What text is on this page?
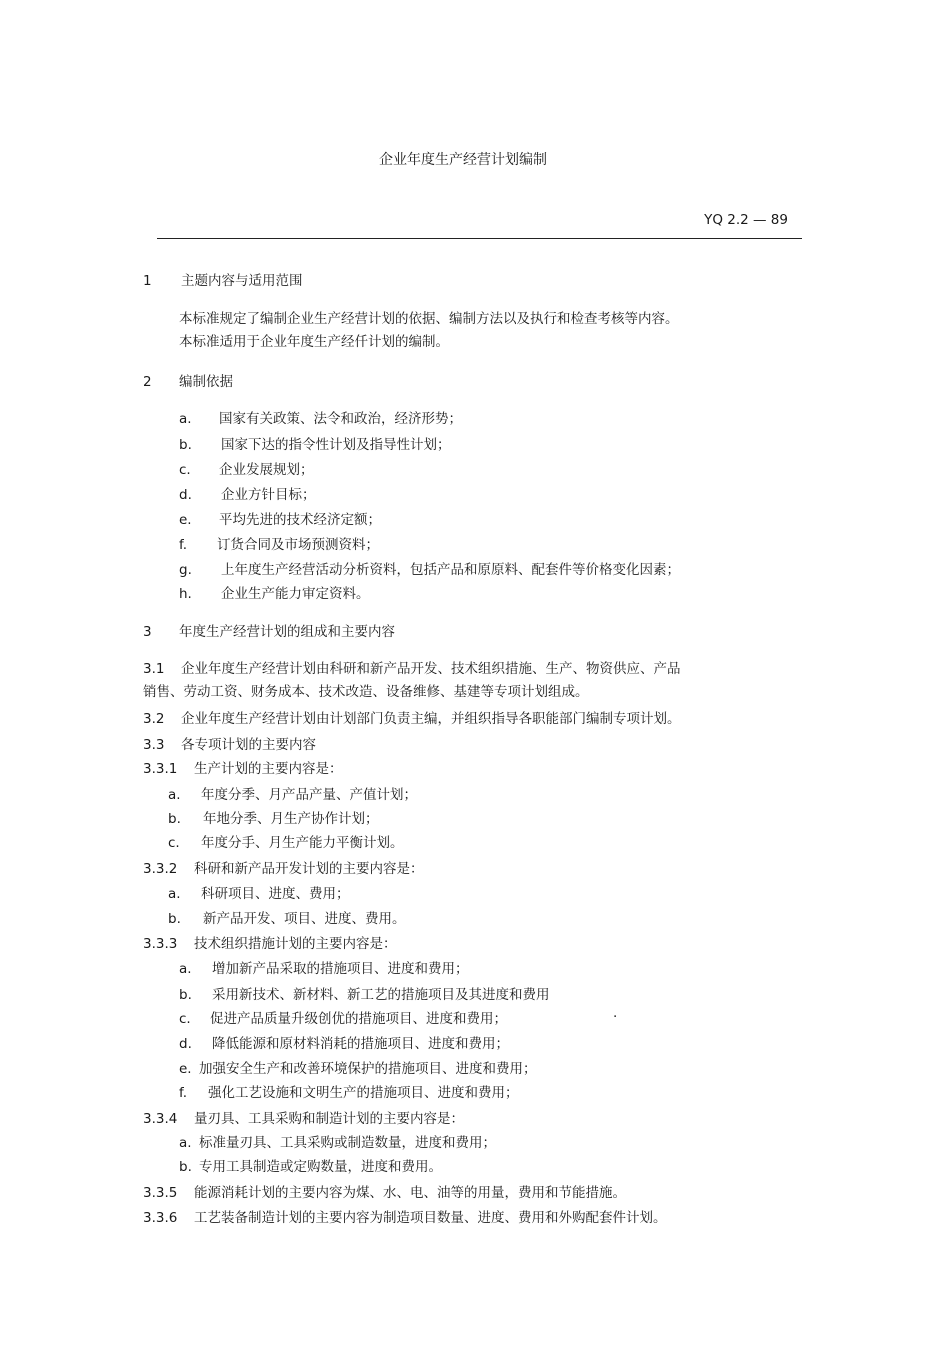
企业年度生产经营计划编制
YQ 2.2 — 89
1 主题内容与适用范围
本标准规定了编制企业生产经营计划的依据、编制方法以及执行和检查考核等内容。
本标准适用于企业年度生产经仟计划的编制。
2 编制依据
a. 国家有关政策、法令和政治，经济形势；
b. 国家下达的指令性计划及指导性计划；
c. 企业发展规划；
d. 企业方针目标；
e. 平均先进的技术经济定额；
f. 订货合同及市场预测资料；
g. 上年度生产经营活动分析资料，包括产品和原原料、配套件等价格变化因素；
h. 企业生产能力审定资料。
3 年度生产经营计划的组成和主要内容
3.1 企业年度生产经营计划由科研和新产品开发、技术组织措施、生产、物资供应、产品
销售、劳动工资、财务成本、技术改造、设备维修、基建等专项计划组成。
3.2 企业年度生产经营计划由计划部门负责主编，并组织指导各职能部门编制专项计划。
3.3 各专项计划的主要内容
3.3.1 生产计划的主要内容是：
a. 年度分季、月产品产量、产值计划；
b. 年地分季、月生产协作计划；
c. 年度分手、月生产能力平衡计划。
3.3.2 科研和新产品开发计划的主要内容是：
a. 科研项目、进度、费用；
b. 新产品开发、项目、进度、费用。
3.3.3 技术组织措施计划的主要内容是：
a. 增加新产品采取的措施项目、进度和费用；
b. 采用新技术、新材料、新工艺的措施项目及其进度和费用
c. 促进产品质量升级创优的措施项目、进度和费用；	·
d. 降低能源和原材料消耗的措施项目、进度和费用；
e. 加强安全生产和改善环境保护的措施项目、进度和费用；
f. 强化工艺设施和文明生产的措施项目、进度和费用；
3.3.4 量刃具、工具采购和制造计划的主要内容是：
a. 标准量刃具、工具采购或制造数量，进度和费用；
b. 专用工具制造或定购数量，进度和费用。
3.3.5 能源消耗计划的主要内容为煤、水、电、油等的用量，费用和节能措施。
3.3.6 工艺装备制造计划的主要内容为制造项目数量、进度、费用和外购配套件计划。
